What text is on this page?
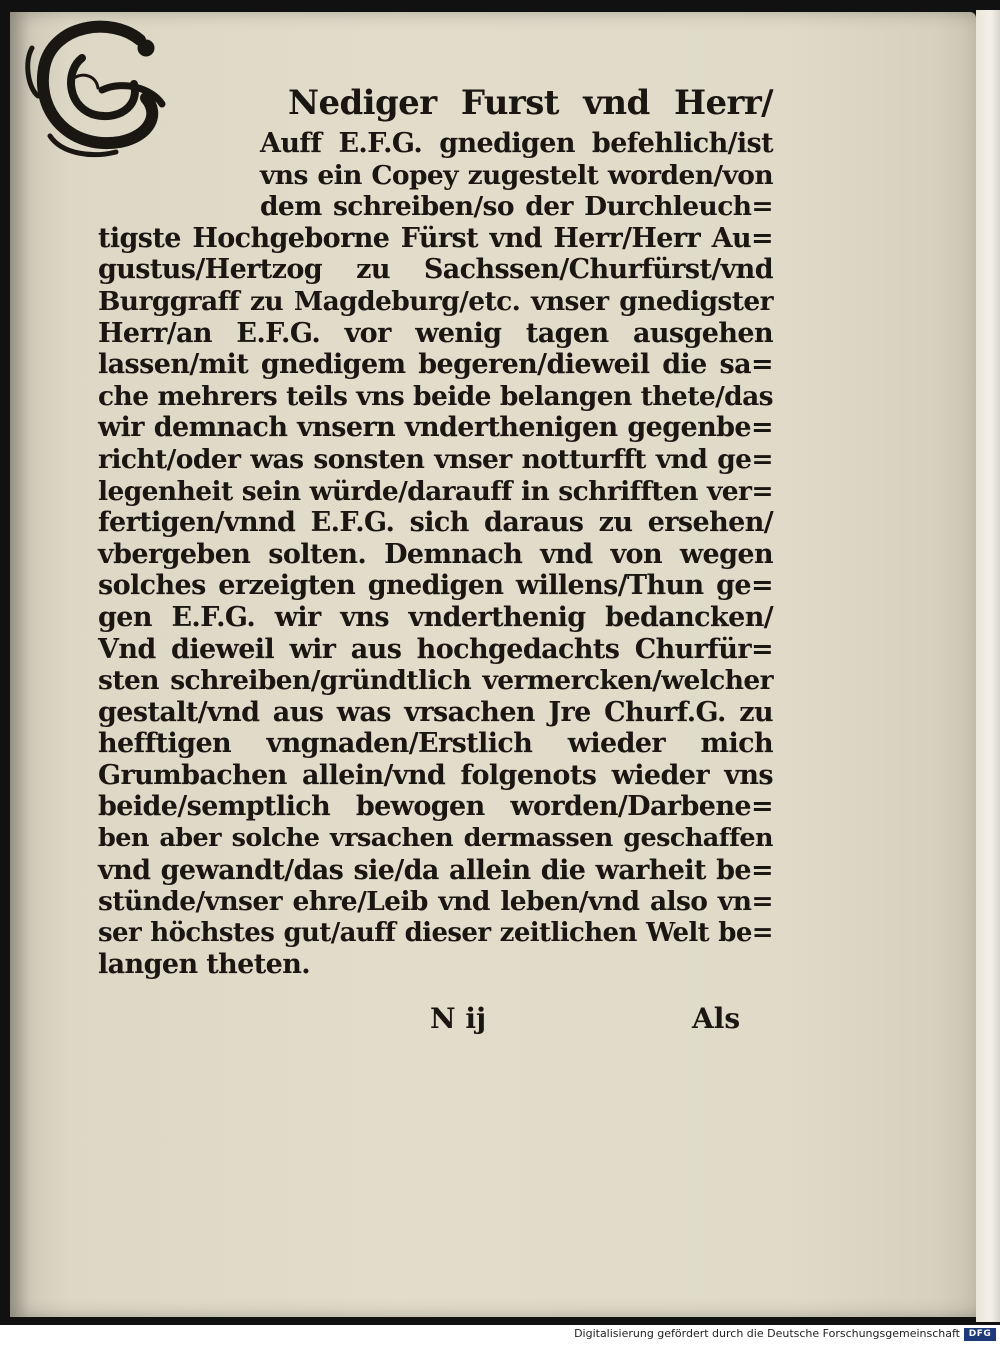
Nediger Furst vnd Herr/
Auff E.F.G. gnedigen befehlich/ist
vns ein Copey zugestelt worden/von
dem schreiben/so der Durchleuch=
tigste Hochgeborne Fürst vnd Herr/Herr Au=
gustus/Hertzog zu Sachssen/Churfürst/vnd
Burggraff zu Magdeburg/etc. vnser gnedigster
Herr/an E.F.G. vor wenig tagen ausgehen
lassen/mit gnedigem begeren/dieweil die sa=
che mehrers teils vns beide belangen thete/das
wir demnach vnsern vnderthenigen gegenbe=
richt/oder was sonsten vnser notturfft vnd ge=
legenheit sein würde/darauff in schrifften ver=
fertigen/vnnd E.F.G. sich daraus zu ersehen/
vbergeben solten. Demnach vnd von wegen
solches erzeigten gnedigen willens/Thun ge=
gen E.F.G. wir vns vnderthenig bedancken/
Vnd dieweil wir aus hochgedachts Churfür=
sten schreiben/gründtlich vermercken/welcher
gestalt/vnd aus was vrsachen Jre Churf.G. zu
hefftigen vngnaden/Erstlich wieder mich
Grumbachen allein/vnd folgenots wieder vns
beide/semptlich bewogen worden/Darbene=
ben aber solche vrsachen dermassen geschaffen
vnd gewandt/das sie/da allein die warheit be=
stünde/vnser ehre/Leib vnd leben/vnd also vn=
ser höchstes gut/auff dieser zeitlichen Welt be=
langen theten.
N ij	Als
Digitalisierung gefördert durch die Deutsche Forschungsgemeinschaft DFG
